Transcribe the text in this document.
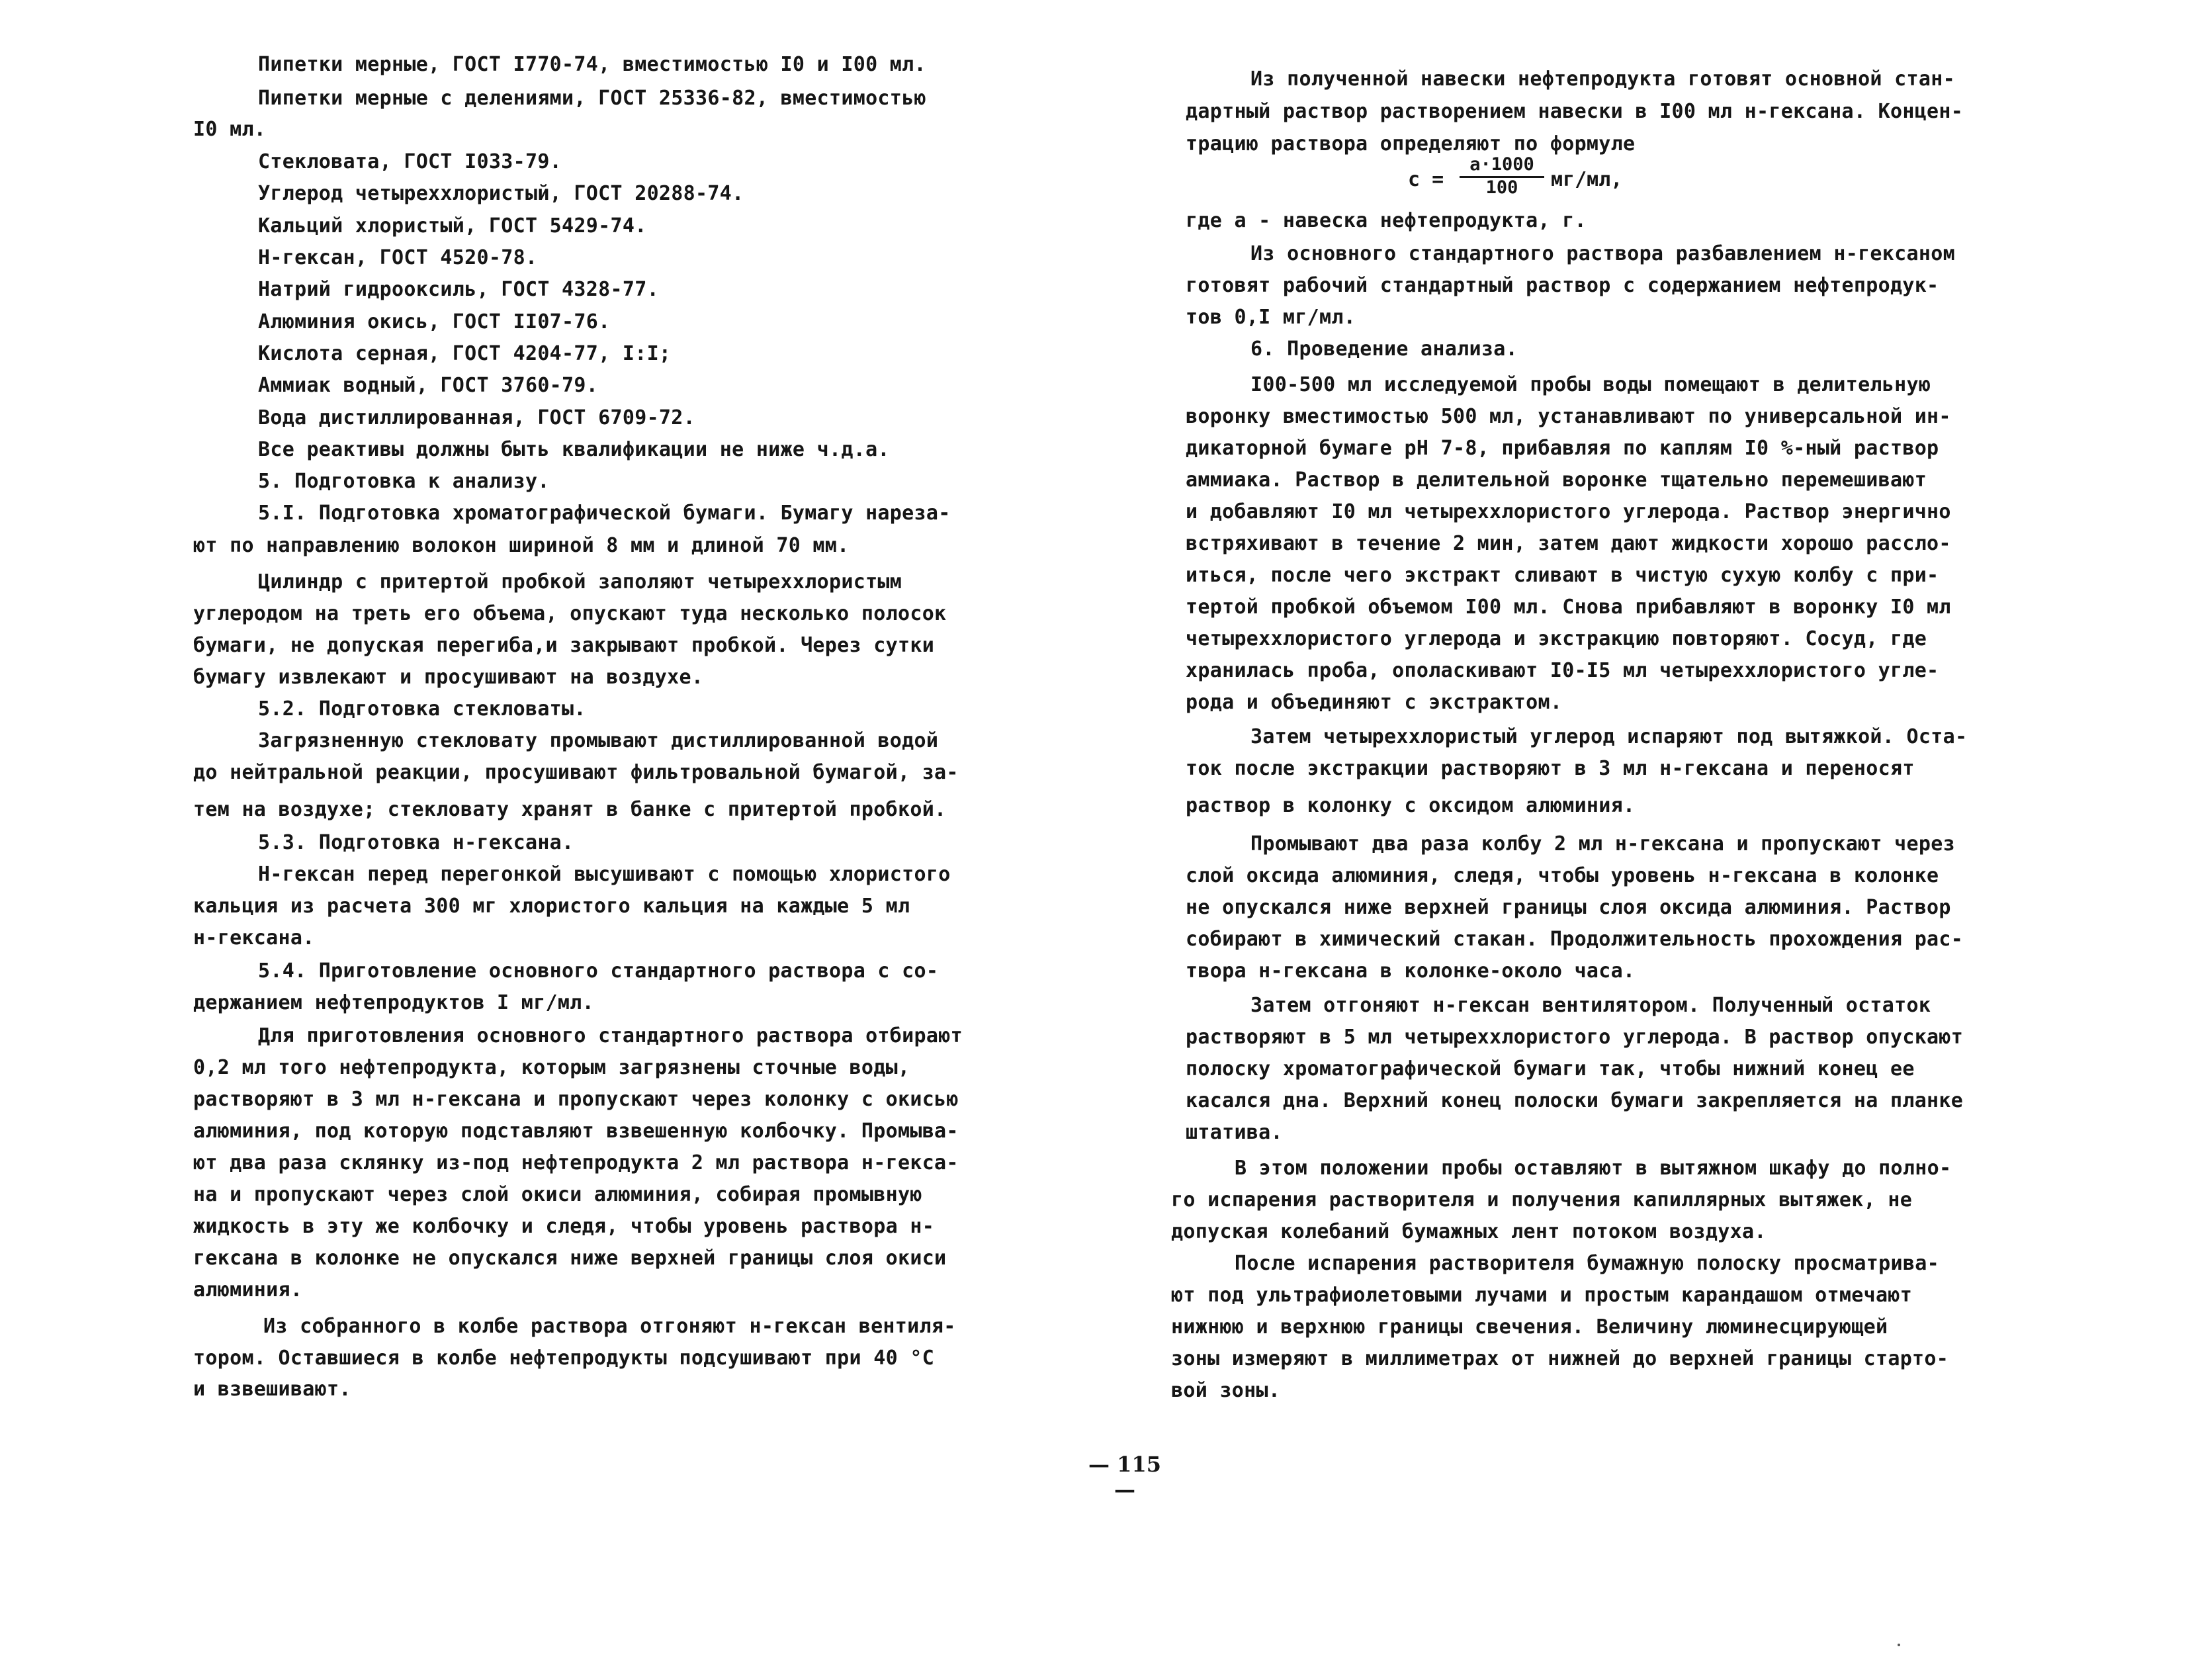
Пипетки мерные, ГОСТ I770-74, вместимостью I0 и I00 мл.

Пипетки мерные с делениями, ГОСТ 25336-82, вместимостью

I0 мл.

Стекловата, ГОСТ I033-79.

Углерод четыреххлористый, ГОСТ 20288-74.

Кальций хлористый, ГОСТ 5429-74.

Н-гексан, ГОСТ 4520-78.

Натрий гидрооксиль, ГОСТ 4328-77.

Алюминия окись, ГОСТ II07-76.

Кислота серная, ГОСТ 4204-77, I:I;

Аммиак водный, ГОСТ 3760-79.

Вода дистиллированная, ГОСТ 6709-72.

Все реактивы должны быть квалификации не ниже ч.д.а.

5. Подготовка к анализу.

5.I. Подготовка хроматографической бумаги. Бумагу нареза-

ют по направлению волокон шириной 8 мм и длиной 70 мм.

Цилиндр с притертой пробкой заполяют четыреххлористым

углеродом на треть его объема, опускают туда несколько полосок

бумаги, не допуская перегиба,и закрывают пробкой. Через сутки

бумагу извлекают и просушивают на воздухе.

5.2. Подготовка стекловаты.

Загрязненную стекловату промывают дистиллированной водой

до нейтральной реакции, просушивают фильтровальной бумагой, за-

тем на воздухе; стекловату хранят в банке с притертой пробкой.

5.3. Подготовка н-гексана.

Н-гексан перед перегонкой высушивают с помощью хлористого

кальция из расчета 300 мг хлористого кальция на каждые 5 мл

н-гексана.

5.4. Приготовление основного стандартного раствора с со-

держанием нефтепродуктов I мг/мл.

Для приготовления основного стандартного раствора отбирают

0,2 мл того нефтепродукта, которым загрязнены сточные воды,

растворяют в 3 мл н-гексана и пропускают через колонку с окисью

алюминия, под которую подставляют взвешенную колбочку. Промыва-

ют два раза склянку из-под нефтепродукта 2 мл раствора н-гекса-

на и пропускают через слой окиси алюминия, собирая промывную

жидкость в эту же колбочку и следя, чтобы уровень раствора н-

гексана в колонке не опускался ниже верхней границы слоя окиси

алюминия.

Из собранного в колбе раствора отгоняют н-гексан вентиля-

тором. Оставшиеся в колбе нефтепродукты подсушивают при 40 °С

и взвешивают.

Из полученной навески нефтепродукта готовят основной стан-

дартный раствор растворением навески в I00 мл н-гексана. Концен-

трацию раствора определяют по формуле

с =
а·1000
100	мг/мл,

где а - навеска нефтепродукта, г.

Из основного стандартного раствора разбавлением н-гексаном

готовят рабочий стандартный раствор с содержанием нефтепродук-

тов 0,I мг/мл.

6. Проведение анализа.

I00-500 мл исследуемой пробы воды помещают в делительную

воронку вместимостью 500 мл, устанавливают по универсальной ин-

дикаторной бумаге pH 7-8, прибавляя по каплям I0 %-ный раствор

аммиака. Раствор в делительной воронке тщательно перемешивают

и добавляют I0 мл четыреххлористого углерода. Раствор энергично

встряхивают в течение 2 мин, затем дают жидкости хорошо рассло-

иться, после чего экстракт сливают в чистую сухую колбу с при-

тертой пробкой объемом I00 мл. Снова прибавляют в воронку I0 мл

четыреххлористого углерода и экстракцию повторяют. Сосуд, где

хранилась проба, ополаскивают I0-I5 мл четыреххлористого угле-

рода и объединяют с экстрактом.

Затем четыреххлористый углерод испаряют под вытяжкой. Оста-

ток после экстракции растворяют в 3 мл н-гексана и переносят

раствор в колонку с оксидом алюминия.

Промывают два раза колбу 2 мл н-гексана и пропускают через

слой оксида алюминия, следя, чтобы уровень н-гексана в колонке

не опускался ниже верхней границы слоя оксида алюминия. Раствор

собирают в химический стакан. Продолжительность прохождения рас-

твора н-гексана в колонке-около часа.

Затем отгоняют н-гексан вентилятором. Полученный остаток

растворяют в 5 мл четыреххлористого углерода. В раствор опускают

полоску хроматографической бумаги так, чтобы нижний конец ее

касался дна. Верхний конец полоски бумаги закрепляется на планке

штатива.

В этом положении пробы оставляют в вытяжном шкафу до полно-

го испарения растворителя и получения капиллярных вытяжек, не

допуская колебаний бумажных лент потоком воздуха.

После испарения растворителя бумажную полоску просматрива-

ют под ультрафиолетовыми лучами и простым карандашом отмечают

нижнюю и верхнюю границы свечения. Величину люминесцирующей

зоны измеряют в миллиметрах от нижней до верхней границы старто-

вой зоны.

— 115 —
